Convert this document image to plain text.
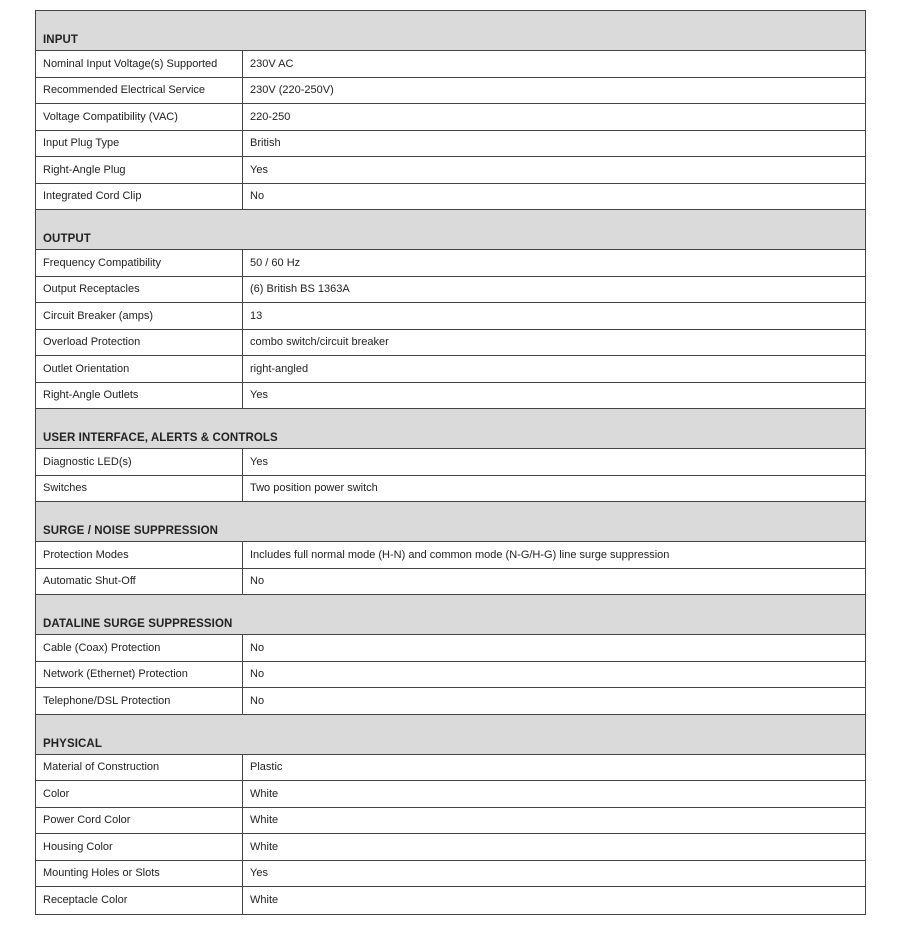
INPUT
Nominal Input Voltage(s) Supported	230V AC
Recommended Electrical Service	230V (220-250V)
Voltage Compatibility (VAC)	220-250
Input Plug Type	British
Right-Angle Plug	Yes
Integrated Cord Clip	No
OUTPUT
Frequency Compatibility	50 / 60 Hz
Output Receptacles	(6) British BS 1363A
Circuit Breaker (amps)	13
Overload Protection	combo switch/circuit breaker
Outlet Orientation	right-angled
Right-Angle Outlets	Yes
USER INTERFACE, ALERTS & CONTROLS
Diagnostic LED(s)	Yes
Switches	Two position power switch
SURGE / NOISE SUPPRESSION
Protection Modes	Includes full normal mode (H-N) and common mode (N-G/H-G) line surge suppression
Automatic Shut-Off	No
DATALINE SURGE SUPPRESSION
Cable (Coax) Protection	No
Network (Ethernet) Protection	No
Telephone/DSL Protection	No
PHYSICAL
Material of Construction	Plastic
Color	White
Power Cord Color	White
Housing Color	White
Mounting Holes or Slots	Yes
Receptacle Color	White
